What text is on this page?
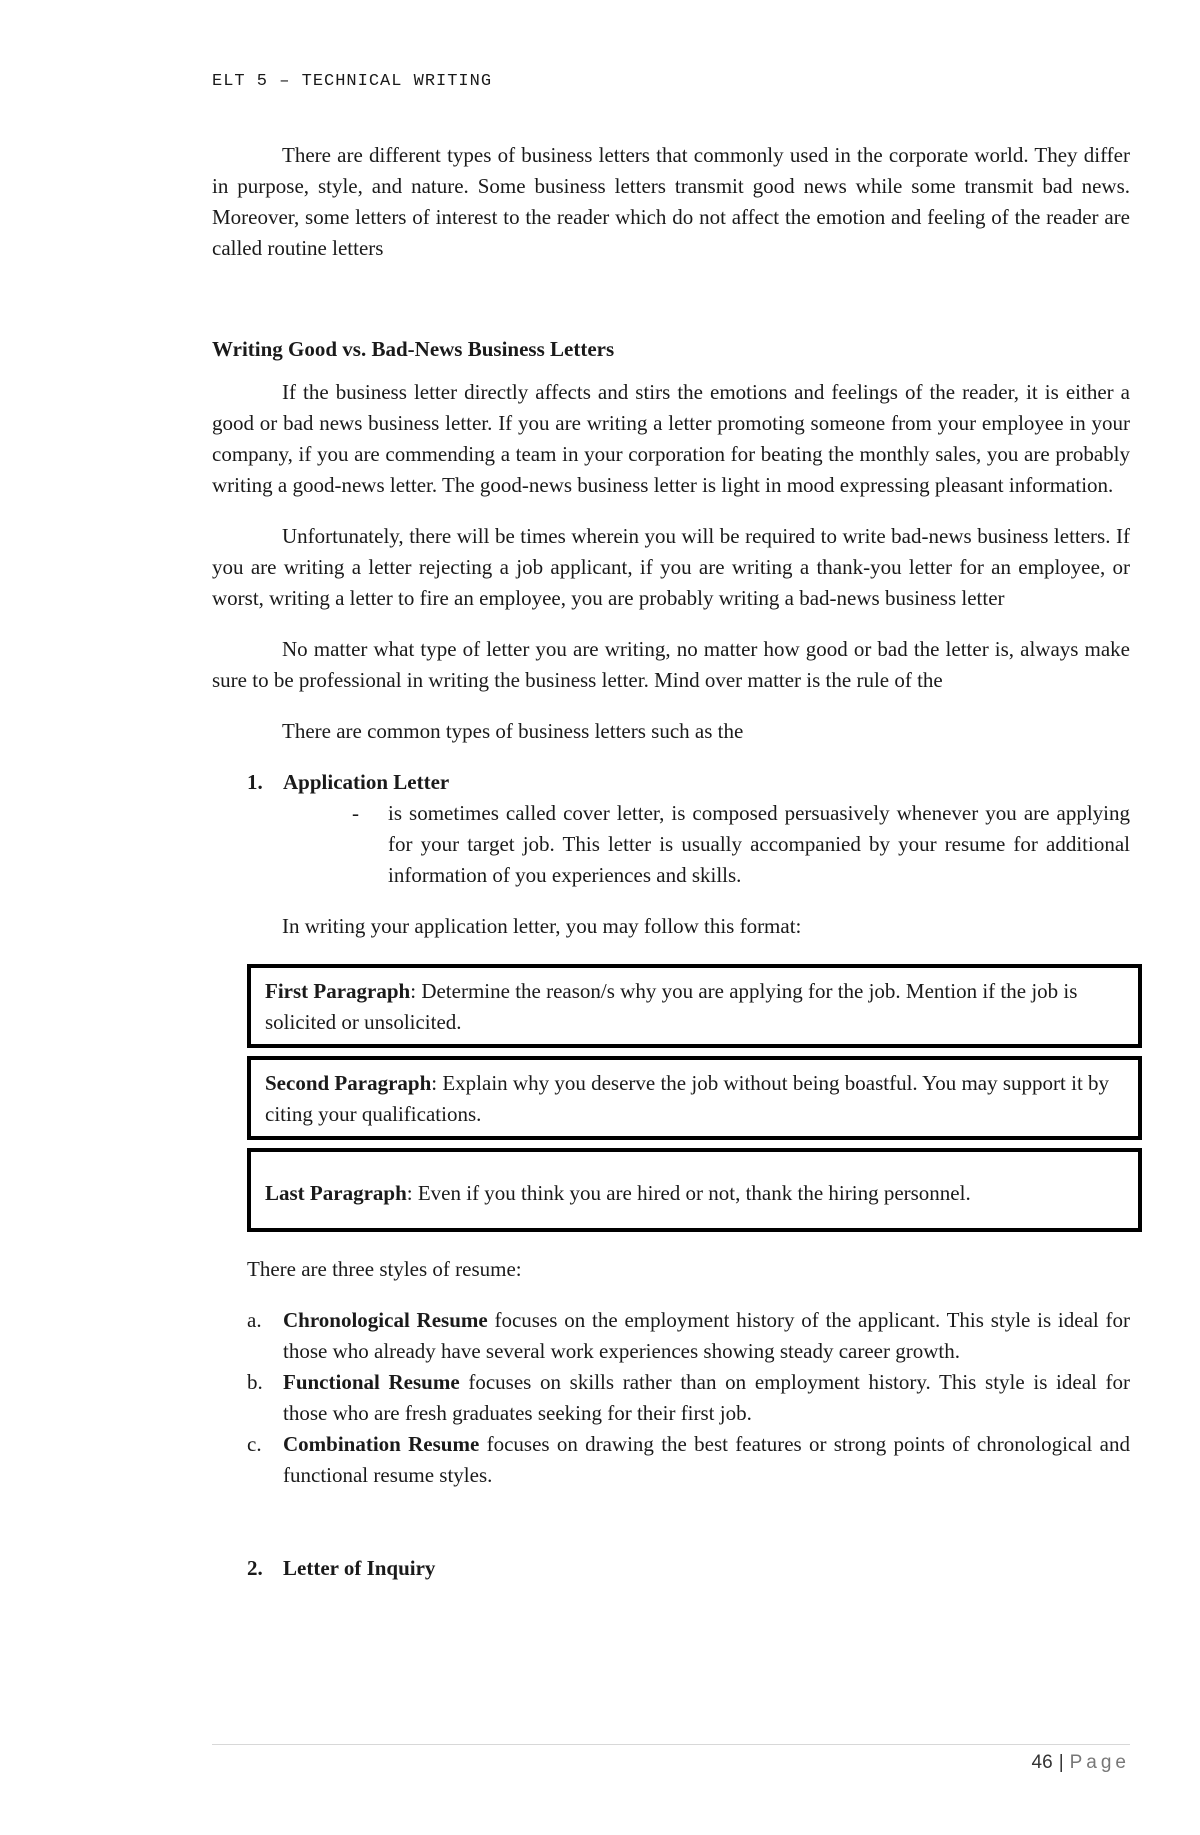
ELT 5 – TECHNICAL WRITING

There are different types of business letters that commonly used in the corporate world. They differ in purpose, style, and nature. Some business letters transmit good news while some transmit bad news. Moreover, some letters of interest to the reader which do not affect the emotion and feeling of the reader are called routine letters

Writing Good vs. Bad-News Business Letters

If the business letter directly affects and stirs the emotions and feelings of the reader, it is either a good or bad news business letter. If you are writing a letter promoting someone from your employee in your company, if you are commending a team in your corporation for beating the monthly sales, you are probably writing a good-news letter. The good-news business letter is light in mood expressing pleasant information.

Unfortunately, there will be times wherein you will be required to write bad-news business letters. If you are writing a letter rejecting a job applicant, if you are writing a thank-you letter for an employee, or worst, writing a letter to fire an employee, you are probably writing a bad-news business letter

No matter what type of letter you are writing, no matter how good or bad the letter is, always make sure to be professional in writing the business letter. Mind over matter is the rule of the

There are common types of business letters such as the

1. Application Letter
-	is sometimes called cover letter, is composed persuasively whenever you are applying for your target job. This letter is usually accompanied by your resume for additional information of you experiences and skills.

In writing your application letter, you may follow this format:

First Paragraph: Determine the reason/s why you are applying for the job. Mention if the job is solicited or unsolicited.
Second Paragraph: Explain why you deserve the job without being boastful. You may support it by citing your qualifications.
Last Paragraph: Even if you think you are hired or not, thank the hiring personnel.

There are three styles of resume:

a.	Chronological Resume focuses on the employment history of the applicant. This style is ideal for those who already have several work experiences showing steady career growth.
b. Functional Resume focuses on skills rather than on employment history. This style is ideal for those who are fresh graduates seeking for their first job.
c.	Combination Resume focuses on drawing the best features or strong points of chronological and functional resume styles.
2. Letter of Inquiry
46 | Page
